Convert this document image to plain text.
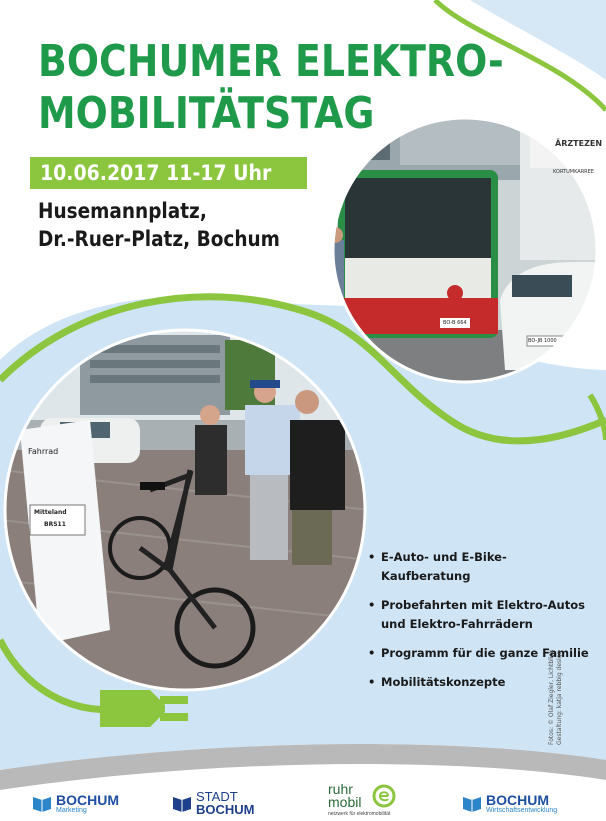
BOCHUMER ELEKTRO-
MOBILITÄTSTAG
10.06.2017 11-17 Uhr
Husemannplatz,
Dr.-Ruer-Platz, Bochum
ÄRZTEZEN
KORTUMKARREE
BO-B 664
BO-JB 1000
Fahrrad
Mitteland
BRS11
• E-Auto- und E-Bike-Kaufberatung
• Probefahrten mit Elektro-Autos und Elektro-Fahrrädern
• Programm für die ganze Familie
• Mobilitätskonzepte	Fotos: © Olaf Ziegler, Lichtblick Gestaltung: katja rebbig design
BOCHUM
Marketing
STADT
BOCHUM
ruhr
mobil
netzwerk für elektromobilität
BOCHUM
Wirtschaftsentwicklung
